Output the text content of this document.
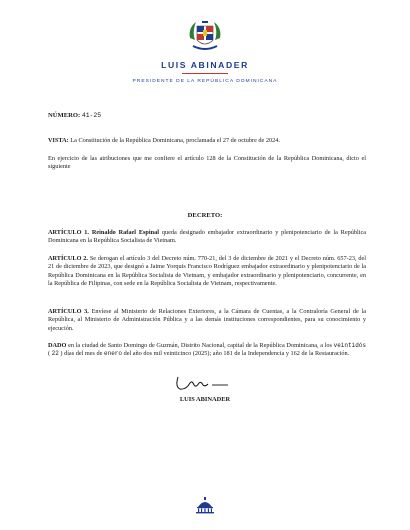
LUIS ABINADER
PRESIDENTE DE LA REPÚBLICA DOMINICANA

NÚMERO: 41-25

VISTA: La Constitución de la República Dominicana, proclamada el 27 de octubre de 2024.

En ejercicio de las atribuciones que me confiere el artículo 128 de la Constitución de la República Dominicana, dicto el siguiente

DECRETO:

ARTÍCULO 1. Reinaldo Rafael Espinal queda designado embajador extraordinario y plenipotenciario de la República Dominicana en la República Socialista de Vietnam.

ARTÍCULO 2. Se derogan el artículo 3 del Decreto núm. 770-21, del 3 de diciembre de 2021 y el Decreto núm. 657-23, del 21 de diciembre de 2023, que designó a Jaime Yorquis Francisco Rodríguez embajador extraordinario y plenipotenciario de la República Dominicana en la República Socialista de Vietnam, y embajador extraordinario y plenipotenciario, concurrente, en la República de Filipinas, con sede en la República Socialista de Vietnam, respectivamente.

ARTÍCULO 3. Envíese al Ministerio de Relaciones Exteriores, a la Cámara de Cuentas, a la Contraloría General de la República, al Ministerio de Administración Pública y a las demás instituciones correspondientes, para su conocimiento y ejecución.

DADO en la ciudad de Santo Domingo de Guzmán, Distrito Nacional, capital de la República Dominicana, a los veintidós ( 22 ) días del mes de enero del año dos mil veinticinco (2025); año 181 de la Independencia y 162 de la Restauración.

LUIS ABINADER
